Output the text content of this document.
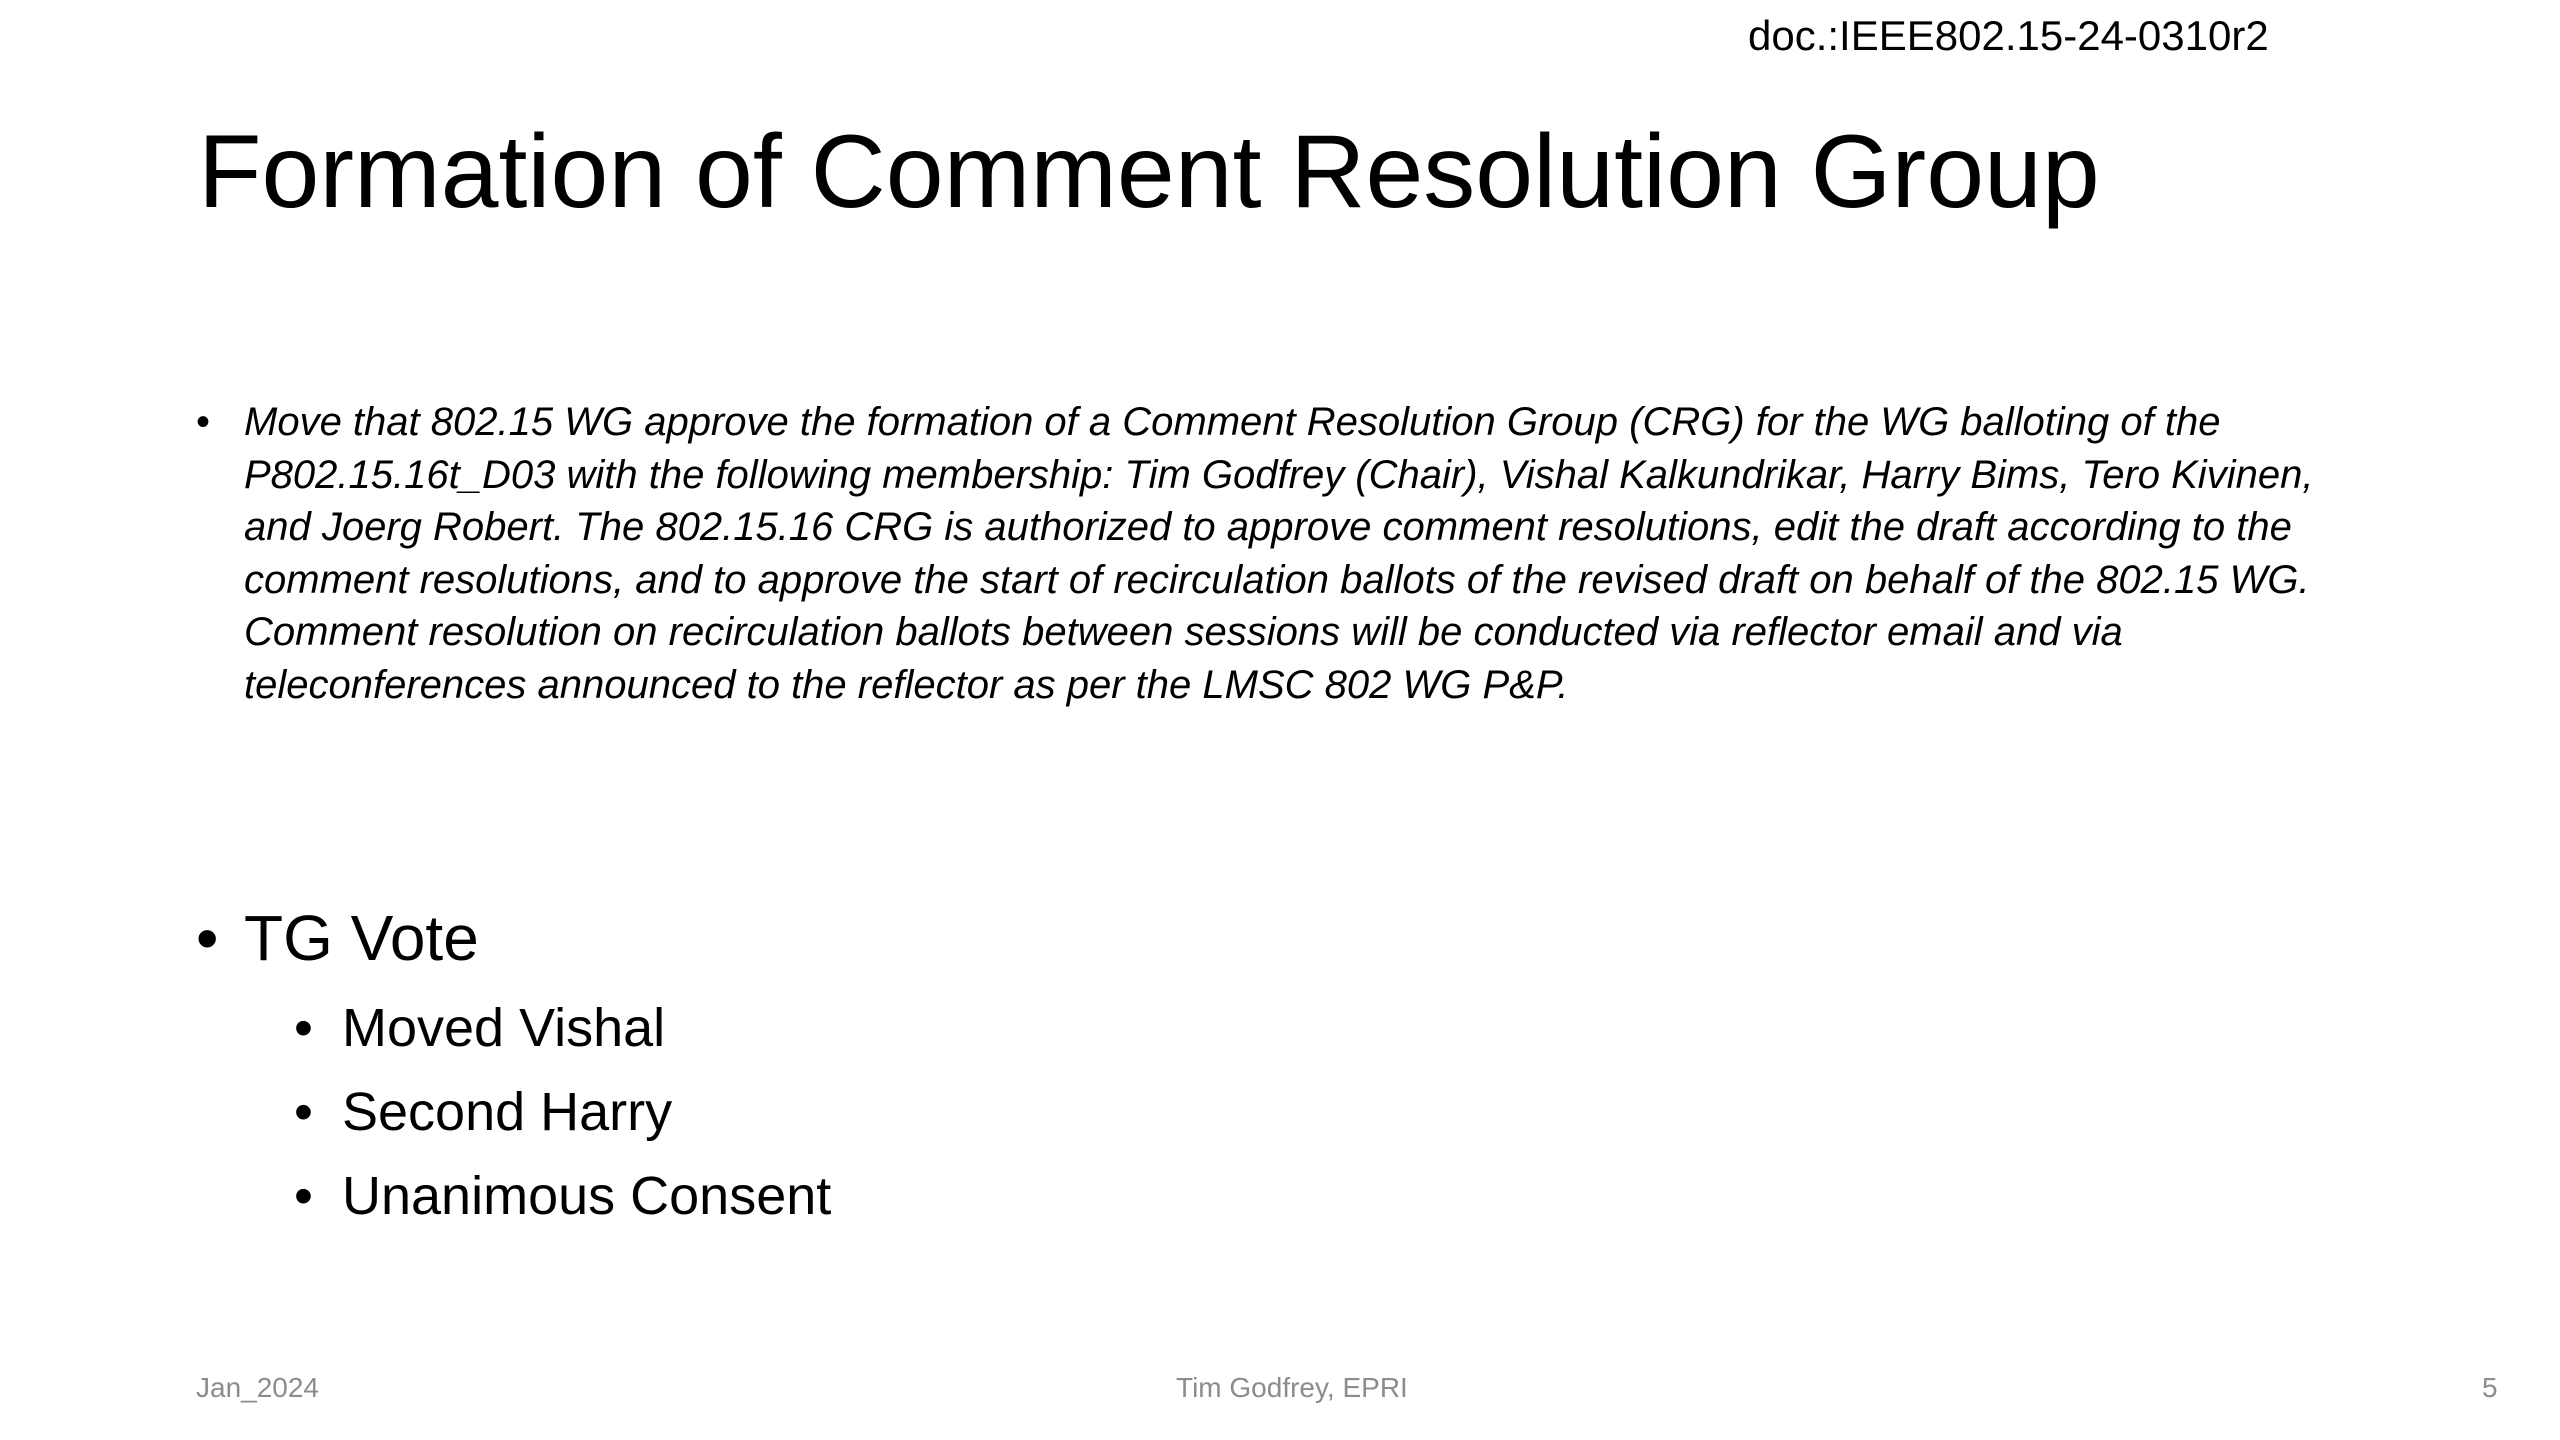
doc.:IEEE802.15-24-0310r2
Formation of Comment Resolution Group
• Move that 802.15 WG approve the formation of a Comment Resolution Group (CRG) for the WG balloting of the P802.15.16t_D03 with the following membership: Tim Godfrey (Chair), Vishal Kalkundrikar, Harry Bims, Tero Kivinen, and Joerg Robert. The 802.15.16 CRG is authorized to approve comment resolutions, edit the draft according to the comment resolutions, and to approve the start of recirculation ballots of the revised draft on behalf of the 802.15 WG. Comment resolution on recirculation ballots between sessions will be conducted via reflector email and via teleconferences announced to the reflector as per the LMSC 802 WG P&P.
• TG Vote
• Moved Vishal
• Second Harry
• Unanimous Consent
Jan_2024	Tim Godfrey, EPRI	5
